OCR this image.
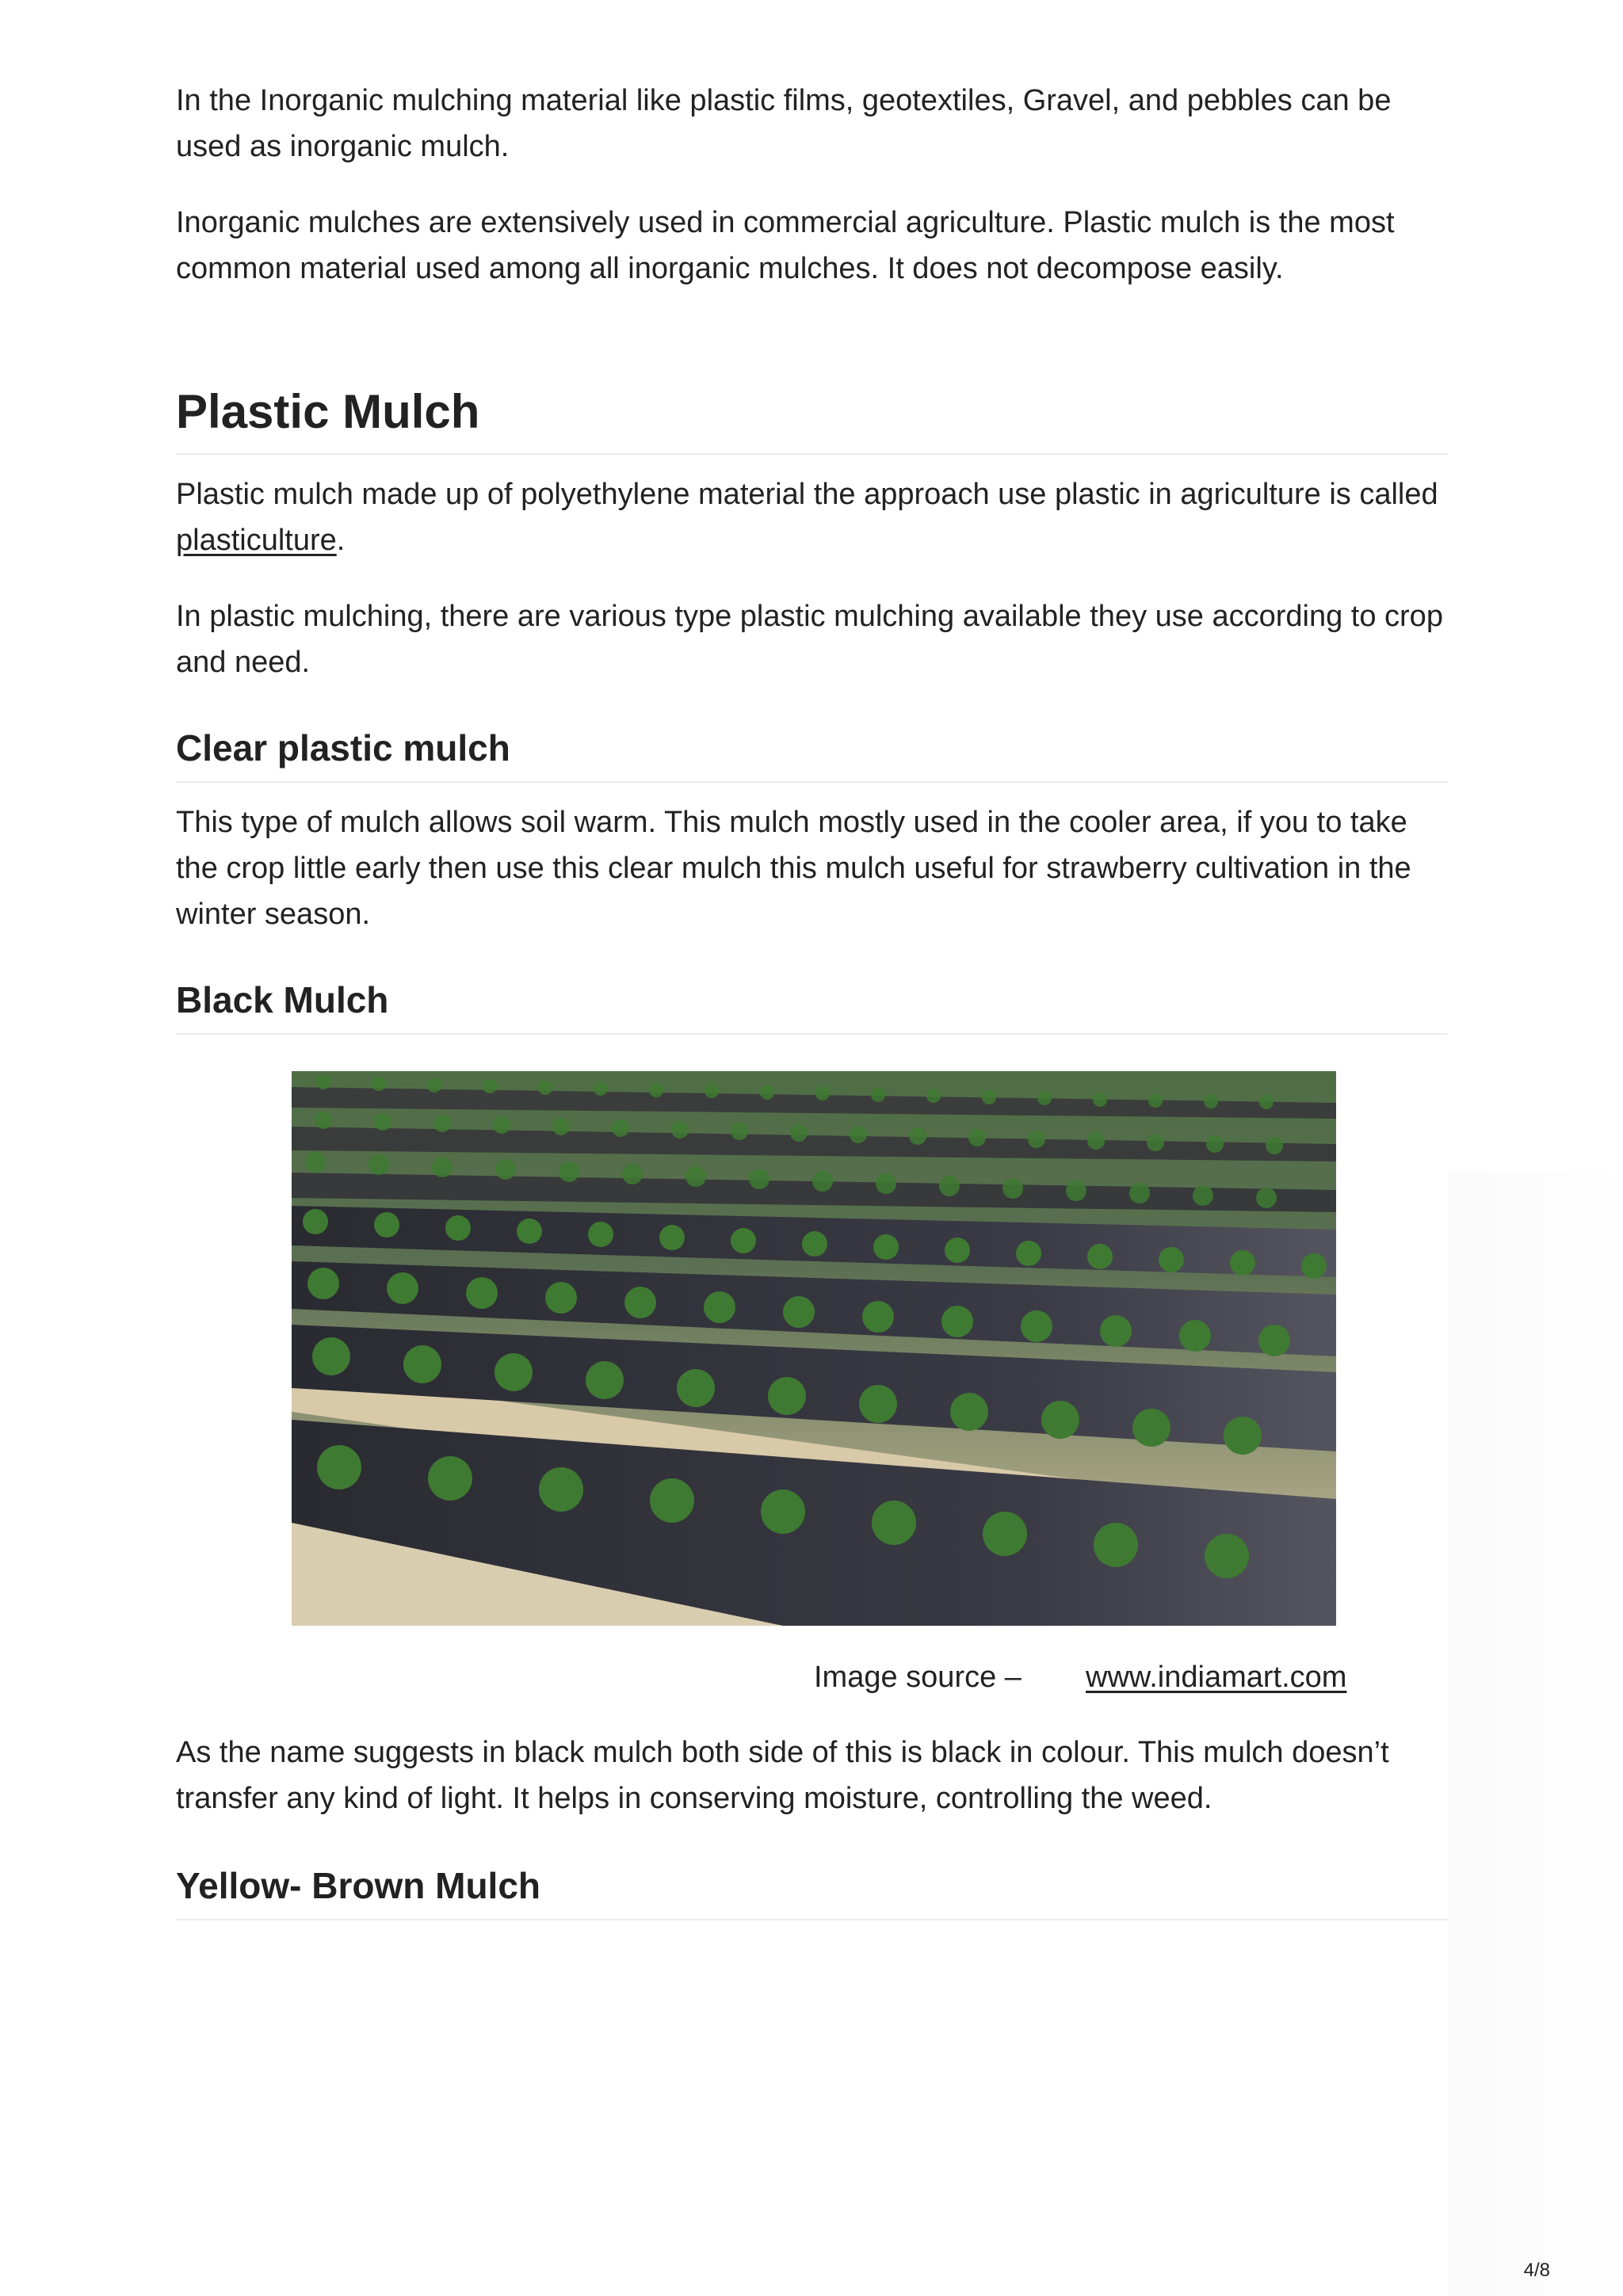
In the Inorganic mulching material like plastic films, geotextiles, Gravel, and pebbles can be used as inorganic mulch.

Inorganic mulches are extensively used in commercial agriculture. Plastic mulch is the most common material used among all inorganic mulches. It does not decompose easily.

Plastic Mulch

Plastic mulch made up of polyethylene material the approach use plastic in agriculture is called plasticulture.

In plastic mulching, there are various type plastic mulching available they use according to crop and need.

Clear plastic mulch

This type of mulch allows soil warm. This mulch mostly used in the cooler area, if you to take the crop little early then use this clear mulch this mulch useful for strawberry cultivation in the winter season.

Black Mulch
Image source – www.indiamart.com

As the name suggests in black mulch both side of this is black in colour. This mulch doesn’t transfer any kind of light. It helps in conserving moisture, controlling the weed.

Yellow- Brown Mulch
4/8
